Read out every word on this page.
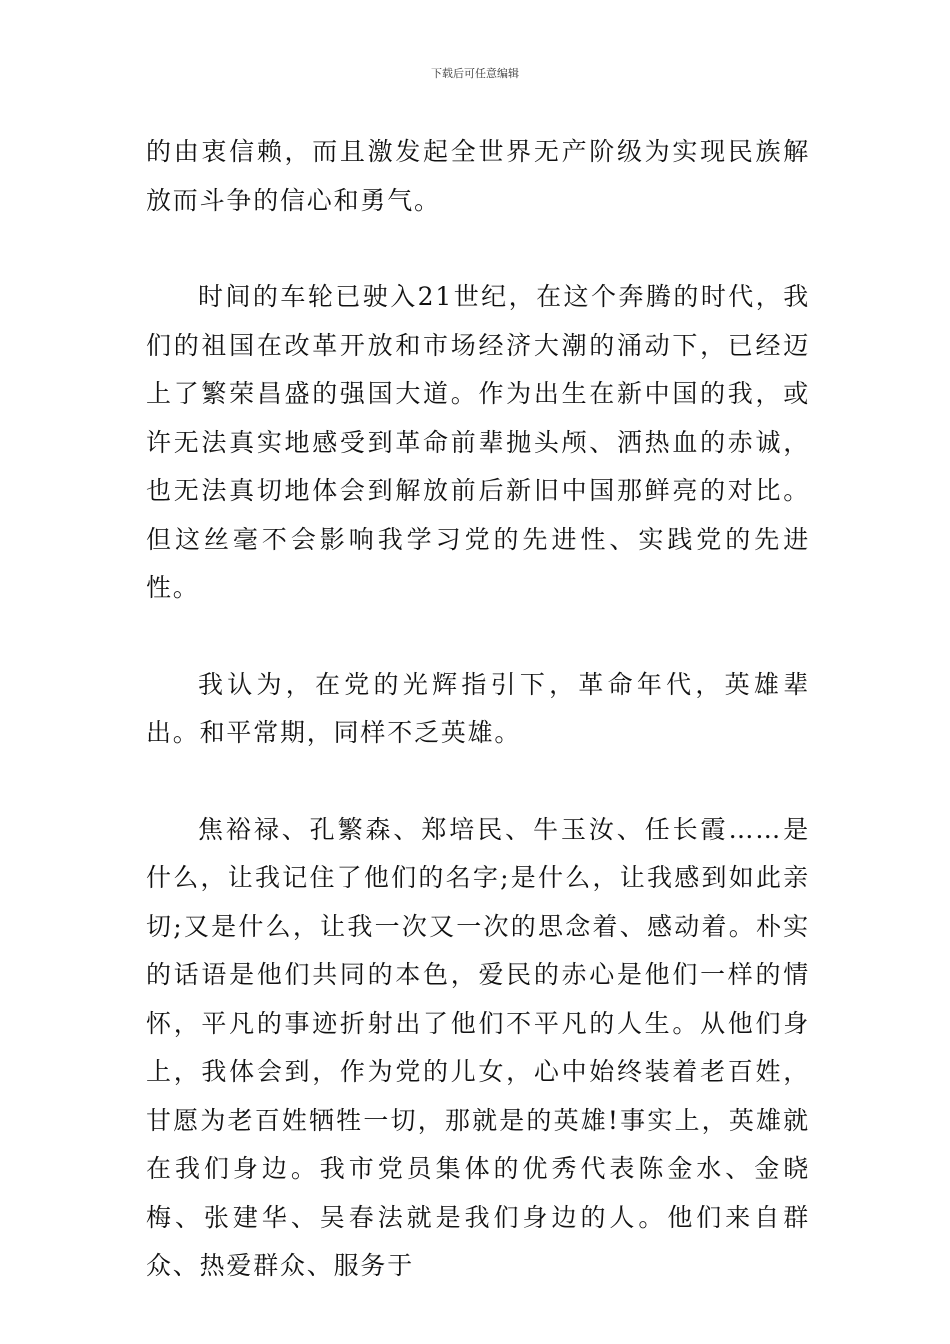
下载后可任意编辑

的由衷信赖，而且激发起全世界无产阶级为实现民族解放而斗争的信心和勇气。

时间的车轮已驶入21世纪，在这个奔腾的时代，我们的祖国在改革开放和市场经济大潮的涌动下，已经迈上了繁荣昌盛的强国大道。作为出生在新中国的我，或许无法真实地感受到革命前辈抛头颅、洒热血的赤诚，也无法真切地体会到解放前后新旧中国那鲜亮的对比。但这丝毫不会影响我学习党的先进性、实践党的先进性。

我认为，在党的光辉指引下，革命年代，英雄辈出。和平常期，同样不乏英雄。

焦裕禄、孔繁森、郑培民、牛玉汝、任长霞……是什么，让我记住了他们的名字;是什么，让我感到如此亲切;又是什么，让我一次又一次的思念着、感动着。朴实的话语是他们共同的本色，爱民的赤心是他们一样的情怀，平凡的事迹折射出了他们不平凡的人生。从他们身上，我体会到，作为党的儿女，心中始终装着老百姓，甘愿为老百姓牺牲一切，那就是的英雄!事实上，英雄就在我们身边。我市党员集体的优秀代表陈金水、金晓梅、张建华、吴春法就是我们身边的人。他们来自群众、热爱群众、服务于
